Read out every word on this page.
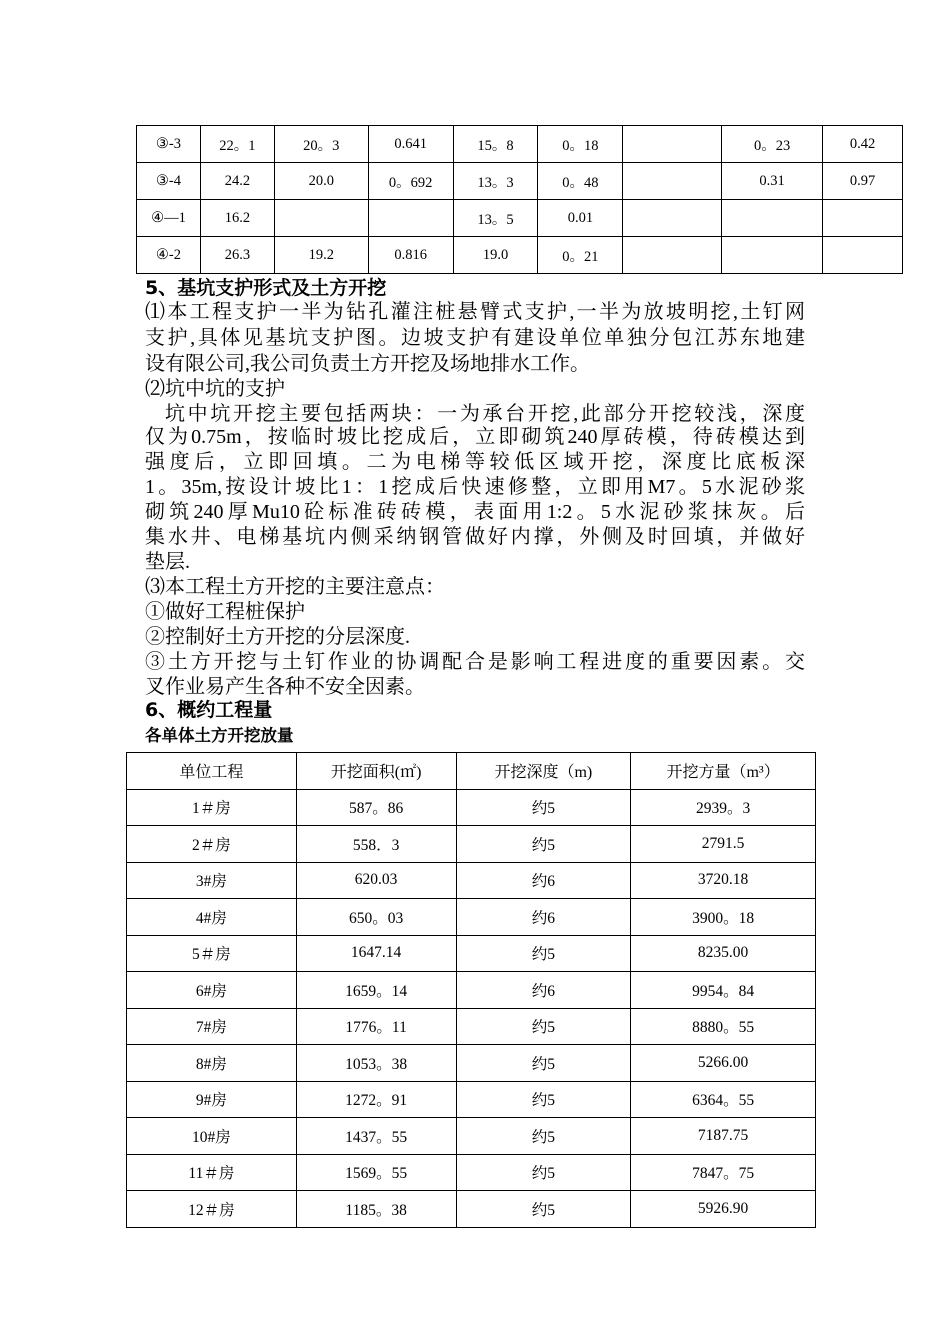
③-3	22。1	20。3	0.641	15。8	0。18		0。23	0.42
③-4	24.2	20.0	0。692	13。3	0。48		0.31	0.97
④—1	16.2			13。5	0.01			
④-2	26.3	19.2	0.816	19.0	0。21			
5、基坑支护形式及土方开挖
⑴本工程支护一半为钻孔灌注桩悬臂式支护,一半为放坡明挖,土钉网
支护,具体见基坑支护图。边坡支护有建设单位单独分包江苏东地建
设有限公司,我公司负责土方开挖及场地排水工作。
⑵坑中坑的支护
坑中坑开挖主要包括两块：一为承台开挖,此部分开挖较浅，深度
仅为0.75m，按临时坡比挖成后，立即砌筑240厚砖模，待砖模达到
强度后，立即回填。二为电梯等较低区域开挖，深度比底板深
1。35m,按设计坡比1：1挖成后快速修整，立即用M7。5水泥砂浆
砌筑240厚Mu10砼标准砖砖模，表面用1:2。5水泥砂浆抹灰。后
集水井、电梯基坑内侧采纳钢管做好内撑，外侧及时回填，并做好
垫层.
⑶本工程土方开挖的主要注意点：
①做好工程桩保护
②控制好土方开挖的分层深度.
③土方开挖与土钉作业的协调配合是影响工程进度的重要因素。交
叉作业易产生各种不安全因素。
6、概约工程量
各单体土方开挖放量
单位工程	开挖面积(㎡)	开挖深度（m)	开挖方量（m³）
1＃房	587。86	约5	2939。3
2＃房	558．3	约5	2791.5
3#房	620.03	约6	3720.18
4#房	650。03	约6	3900。18
5＃房	1647.14	约5	8235.00
6#房	1659。14	约6	9954。84
7#房	1776。11	约5	8880。55
8#房	1053。38	约5	5266.00
9#房	1272。91	约5	6364。55
10#房	1437。55	约5	7187.75
11＃房	1569。55	约5	7847。75
12＃房	1185。38	约5	5926.90
